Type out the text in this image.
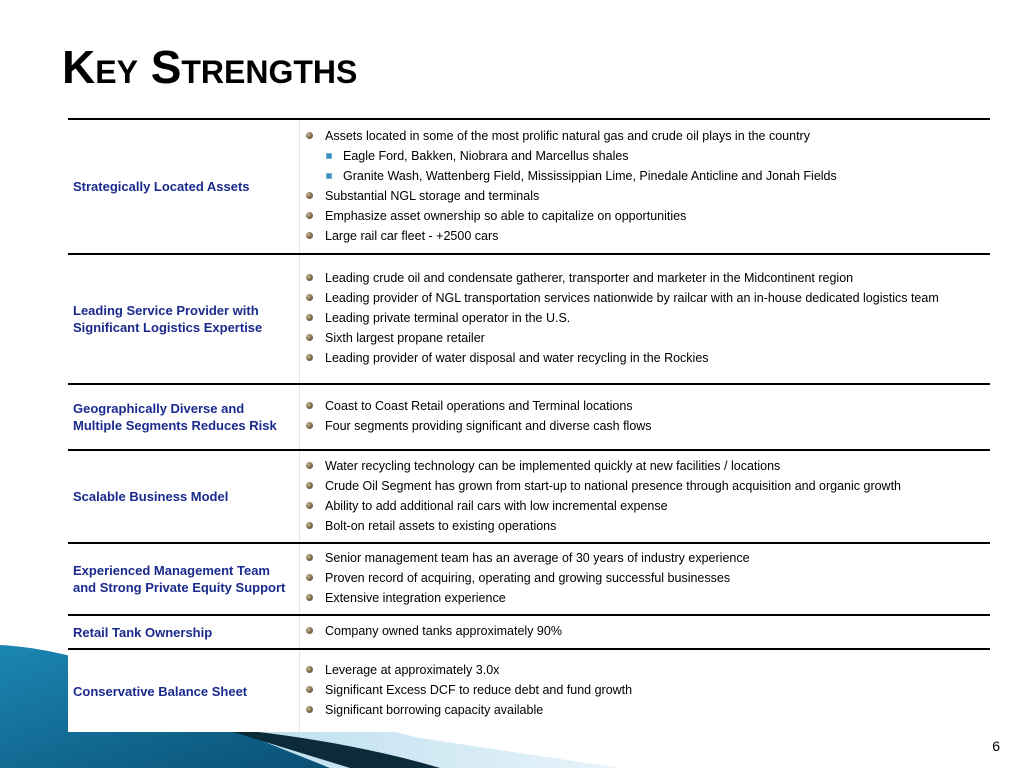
Key Strengths
Strategically Located Assets
Assets located in some of the most prolific natural gas and crude oil plays in the country
Eagle Ford, Bakken, Niobrara and Marcellus shales
Granite Wash, Wattenberg Field, Mississippian Lime, Pinedale Anticline and Jonah Fields
Substantial NGL storage and terminals
Emphasize asset ownership so able to capitalize on opportunities
Large rail car fleet - +2500 cars
Leading Service Provider with Significant Logistics Expertise
Leading crude oil and condensate gatherer, transporter and marketer in the Midcontinent region
Leading provider of NGL transportation services nationwide by railcar with an in-house dedicated logistics team
Leading private terminal operator in the U.S.
Sixth largest propane retailer
Leading provider of water disposal and water recycling in the Rockies
Geographically Diverse and Multiple Segments Reduces Risk
Coast to Coast Retail operations and Terminal locations
Four segments providing significant and diverse cash flows
Scalable Business Model
Water recycling technology can be implemented quickly at new facilities / locations
Crude Oil Segment has grown from start-up to national presence through acquisition and organic growth
Ability to add additional rail cars with low incremental expense
Bolt-on retail assets to existing operations
Experienced Management Team and Strong Private Equity Support
Senior management team has an average of 30 years of industry experience
Proven record of acquiring, operating and growing successful businesses
Extensive integration experience
Retail Tank Ownership	Company owned tanks approximately 90%
Conservative Balance Sheet
Leverage at approximately 3.0x
Significant Excess DCF to reduce debt and fund growth
Significant borrowing capacity available
6
